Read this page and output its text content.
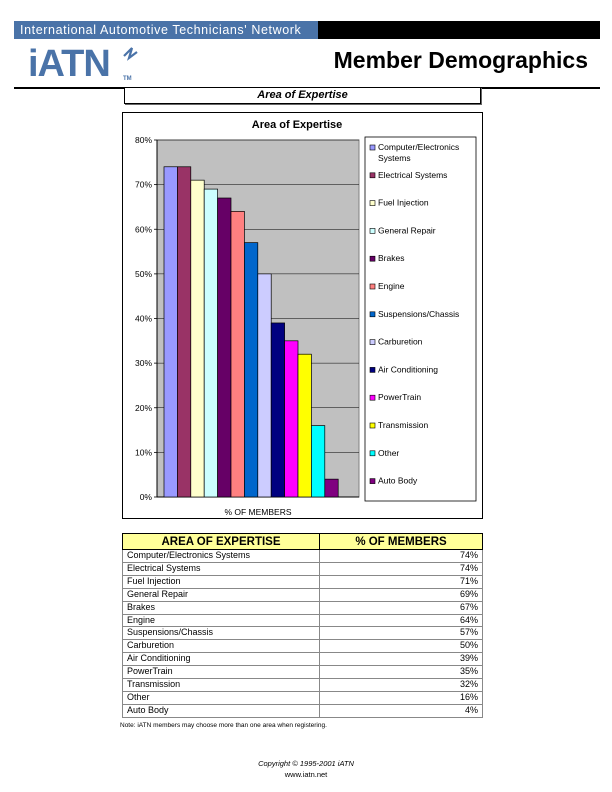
International Automotive Technicians' Network
iATN TM
Member Demographics
Area of Expertise
Area of Expertise
0%
10%
20%
30%
40%
50%
60%
70%
80%
% OF MEMBERS
Computer/Electronics Systems
Electrical Systems
Fuel Injection
General Repair
Brakes
Engine
Suspensions/Chassis
Carburetion
Air Conditioning
PowerTrain
Transmission
Other
Auto Body
AREA OF EXPERTISE	% OF MEMBERS
Computer/Electronics Systems	74%
Electrical Systems	74%
Fuel Injection	71%
General Repair	69%
Brakes	67%
Engine	64%
Suspensions/Chassis	57%
Carburetion	50%
Air Conditioning	39%
PowerTrain	35%
Transmission	32%
Other	16%
Auto Body	4%
Note: iATN members may choose more than one area when registering.
Copyright © 1995-2001 iATN
www.iatn.net
